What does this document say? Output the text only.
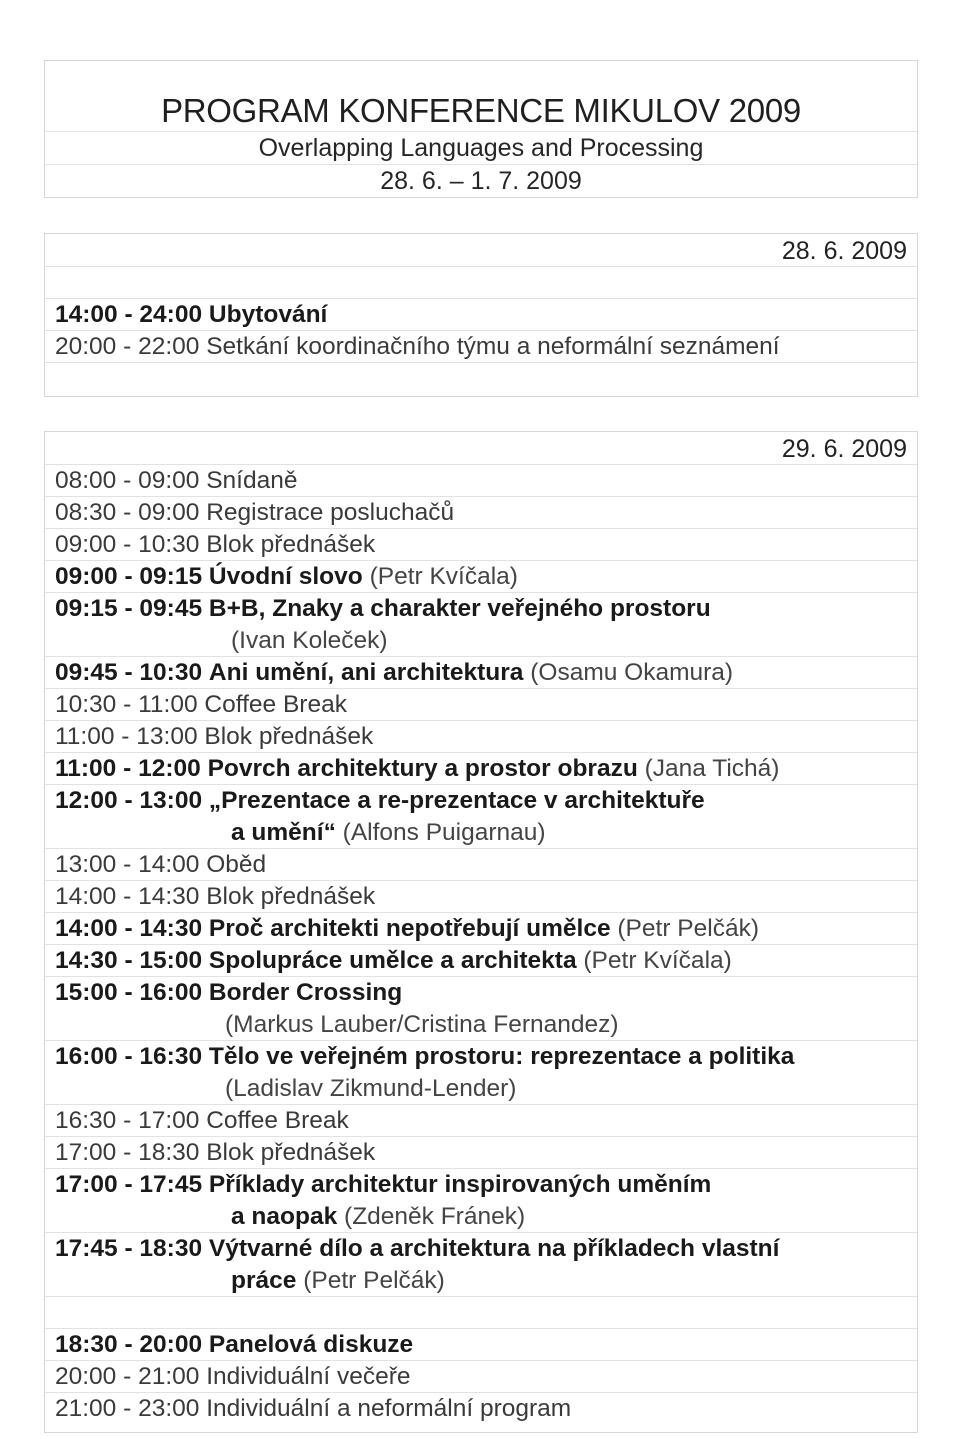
PROGRAM KONFERENCE MIKULOV 2009
Overlapping Languages and Processing
28. 6. – 1. 7. 2009
28. 6. 2009
14:00 - 24:00 Ubytování
20:00 - 22:00 Setkání koordinačního týmu a neformální seznámení
29. 6. 2009
08:00 - 09:00 Snídaně
08:30 - 09:00 Registrace posluchačů
09:00 - 10:30 Blok přednášek
09:00 - 09:15 Úvodní slovo (Petr Kvíčala)
09:15 - 09:45 B+B, Znaky a charakter veřejného prostoru
(Ivan Koleček)
09:45 - 10:30 Ani umění, ani architektura (Osamu Okamura)
10:30 - 11:00 Coffee Break
11:00 - 13:00 Blok přednášek
11:00 - 12:00 Povrch architektury a prostor obrazu (Jana Tichá)
12:00 - 13:00 „Prezentace a re-prezentace v architektuře
a umění“ (Alfons Puigarnau)
13:00 - 14:00 Oběd
14:00 - 14:30 Blok přednášek
14:00 - 14:30 Proč architekti nepotřebují umělce (Petr Pelčák)
14:30 - 15:00 Spolupráce umělce a architekta (Petr Kvíčala)
15:00 - 16:00 Border Crossing
(Markus Lauber/Cristina Fernandez)
16:00 - 16:30 Tělo ve veřejném prostoru: reprezentace a politika
(Ladislav Zikmund-Lender)
16:30 - 17:00 Coffee Break
17:00 - 18:30 Blok přednášek
17:00 - 17:45 Příklady architektur inspirovaných uměním
a naopak (Zdeněk Fránek)
17:45 - 18:30 Výtvarné dílo a architektura na příkladech vlastní
práce (Petr Pelčák)
18:30 - 20:00 Panelová diskuze
20:00 - 21:00 Individuální večeře
21:00 - 23:00 Individuální a neformální program
